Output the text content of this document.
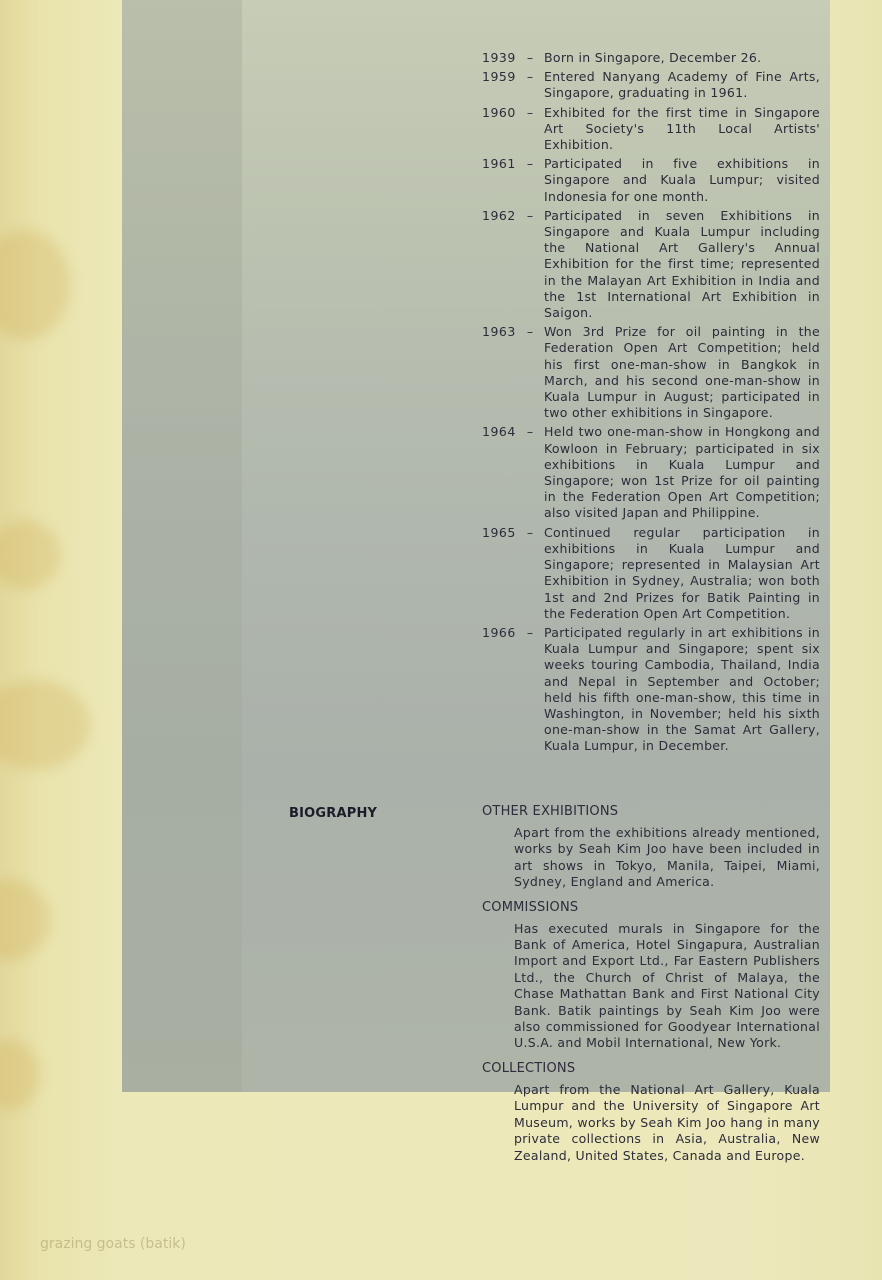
1939 – Born in Singapore, December 26.
1959 – Entered Nanyang Academy of Fine Arts, Singapore, graduating in 1961.
1960 – Exhibited for the first time in Singapore Art Society's 11th Local Artists' Exhibition.
1961 – Participated in five exhibitions in Singapore and Kuala Lumpur; visited Indonesia for one month.
1962 – Participated in seven Exhibitions in Singapore and Kuala Lumpur including the National Art Gallery's Annual Exhibition for the first time; represented in the Malayan Art Exhibition in India and the 1st International Art Exhibition in Saigon.
1963 – Won 3rd Prize for oil painting in the Federation Open Art Competition; held his first one-man-show in Bangkok in March, and his second one-man-show in Kuala Lumpur in August; participated in two other exhibitions in Singapore.
1964 – Held two one-man-show in Hongkong and Kowloon in February; participated in six exhibitions in Kuala Lumpur and Singapore; won 1st Prize for oil painting in the Federation Open Art Competition; also visited Japan and Philippine.
1965 – Continued regular participation in exhibitions in Kuala Lumpur and Singapore; represented in Malaysian Art Exhibition in Sydney, Australia; won both 1st and 2nd Prizes for Batik Painting in the Federation Open Art Competition.
1966 – Participated regularly in art exhibitions in Kuala Lumpur and Singapore; spent six weeks touring Cambodia, Thailand, India and Nepal in September and October; held his fifth one-man-show, this time in Washington, in November; held his sixth one-man-show in the Samat Art Gallery, Kuala Lumpur, in December.
BIOGRAPHY	OTHER EXHIBITIONS
Apart from the exhibitions already mentioned, works by Seah Kim Joo have been included in art shows in Tokyo, Manila, Taipei, Miami, Sydney, England and America.
COMMISSIONS
Has executed murals in Singapore for the Bank of America, Hotel Singapura, Australian Import and Export Ltd., Far Eastern Publishers Ltd., the Church of Christ of Malaya, the Chase Mathattan Bank and First National City Bank. Batik paintings by Seah Kim Joo were also commissioned for Goodyear International U.S.A. and Mobil International, New York.
COLLECTIONS
Apart from the National Art Gallery, Kuala Lumpur and the University of Singapore Art Museum, works by Seah Kim Joo hang in many private collections in Asia, Australia, New Zealand, United States, Canada and Europe.
grazing goats (batik)
